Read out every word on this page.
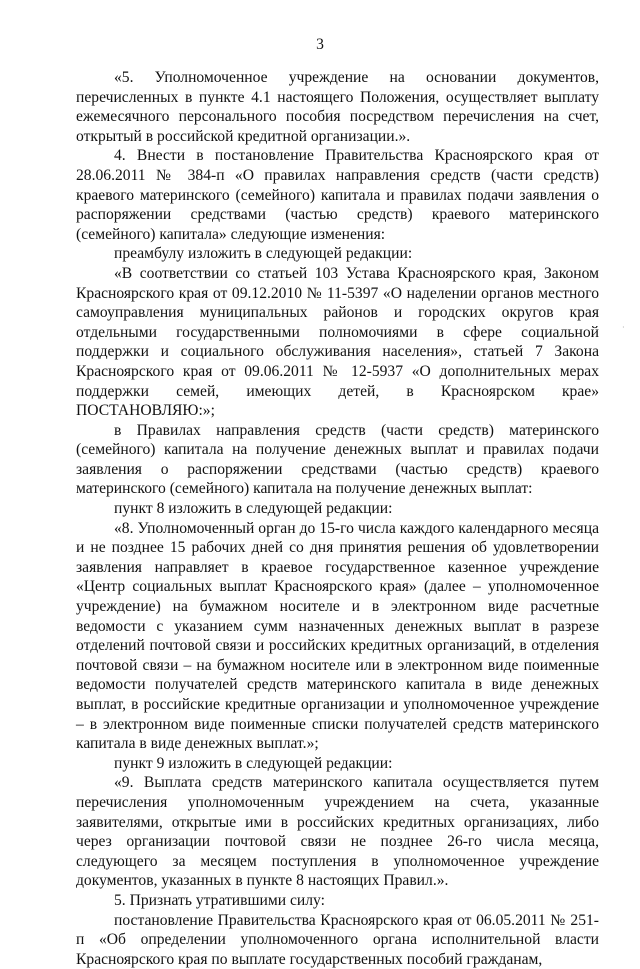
3

«5. Уполномоченное учреждение на основании документов, перечисленных в пункте 4.1 настоящего Положения, осуществляет выплату ежемесячного персонального пособия посредством перечисления на счет, открытый в российской кредитной организации.».

4. Внести в постановление Правительства Красноярского края от 28.06.2011 № 384-п «О правилах направления средств (части средств) краевого материнского (семейного) капитала и правилах подачи заявления о распоряжении средствами (частью средств) краевого материнского (семейного) капитала» следующие изменения:

преамбулу изложить в следующей редакции:

«В соответствии со статьей 103 Устава Красноярского края, Законом Красноярского края от 09.12.2010 № 11-5397 «О наделении органов местного самоуправления муниципальных районов и городских округов края отдельными государственными полномочиями в сфере социальной поддержки и социального обслуживания населения», статьей 7 Закона Красноярского края от 09.06.2011 № 12-5937 «О дополнительных мерах поддержки семей, имеющих детей, в Красноярском крае» ПОСТАНОВЛЯЮ:»;

в Правилах направления средств (части средств) материнского (семейного) капитала на получение денежных выплат и правилах подачи заявления о распоряжении средствами (частью средств) краевого материнского (семейного) капитала на получение денежных выплат:

пункт 8 изложить в следующей редакции:

«8. Уполномоченный орган до 15-го числа каждого календарного месяца и не позднее 15 рабочих дней со дня принятия решения об удовлетворении заявления направляет в краевое государственное казенное учреждение «Центр социальных выплат Красноярского края» (далее – уполномоченное учреждение) на бумажном носителе и в электронном виде расчетные ведомости с указанием сумм назначенных денежных выплат в разрезе отделений почтовой связи и российских кредитных организаций, в отделения почтовой связи – на бумажном носителе или в электронном виде поименные ведомости получателей средств материнского капитала в виде денежных выплат, в российские кредитные организации и уполномоченное учреждение – в электронном виде поименные списки получателей средств материнского капитала в виде денежных выплат.»;

пункт 9 изложить в следующей редакции:

«9. Выплата средств материнского капитала осуществляется путем перечисления уполномоченным учреждением на счета, указанные заявителями, открытые ими в российских кредитных организациях, либо через организации почтовой связи не позднее 26-го числа месяца, следующего за месяцем поступления в уполномоченное учреждение документов, указанных в пункте 8 настоящих Правил.».

5. Признать утратившими силу:

постановление Правительства Красноярского края от 06.05.2011 № 251-п «Об определении уполномоченного органа исполнительной власти Красноярского края по выплате государственных пособий гражданам,

·
